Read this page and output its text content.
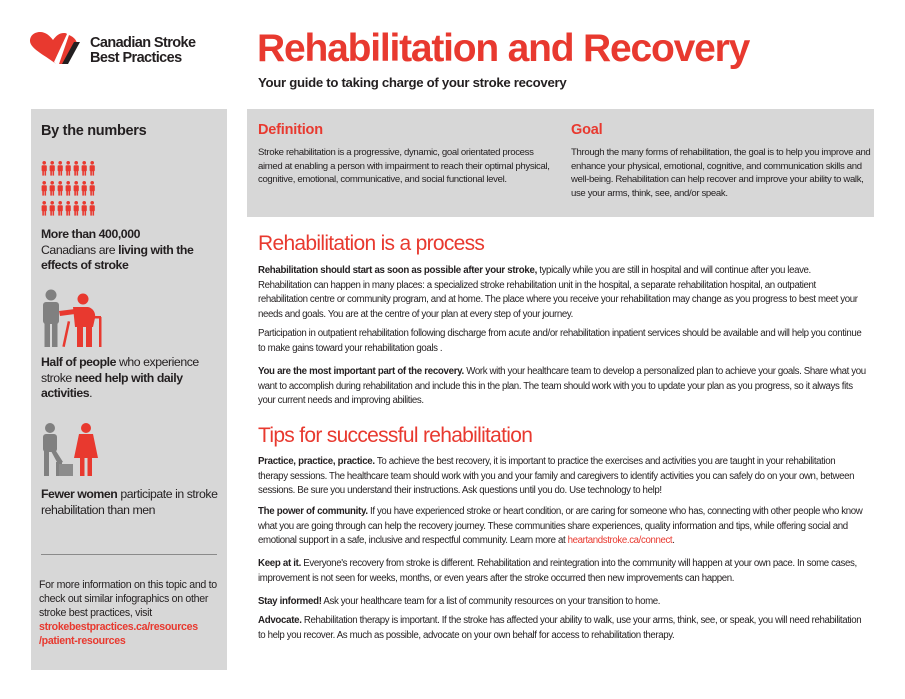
Canadian Stroke
Best Practices Rehabilitation and Recovery
Your guide to taking charge of your stroke recovery
By the numbers
More than 400,000
Canadians are living with the effects of stroke
Half of people who experience stroke need help with daily activities.
Fewer women participate in stroke rehabilitation than men
For more information on this topic and to check out similar infographics on other stroke best practices, visit
strokebestpractices.ca/resources
/patient-resources
Definition
Stroke rehabilitation is a progressive, dynamic, goal orientated process aimed at enabling a person with impairment to reach their optimal physical, cognitive, emotional, communicative, and social functional level.
Goal
Through the many forms of rehabilitation, the goal is to help you improve and enhance your physical, emotional, cognitive, and communication skills and well-being. Rehabilitation can help recover and improve your ability to walk, use your arms, think, see, and/or speak.
Rehabilitation is a process
Rehabilitation should start as soon as possible after your stroke, typically while you are still in hospital and will continue after you leave. Rehabilitation can happen in many places: a specialized stroke rehabilitation unit in the hospital, a separate rehabilitation hospital, an outpatient rehabilitation centre or community program, and at home. The place where you receive your rehabilitation may change as you progress to best meet your needs and goals. You are at the centre of your plan at every step of your journey.
Participation in outpatient rehabilitation following discharge from acute and/or rehabilitation inpatient services should be available and will help you continue to make gains toward your rehabilitation goals .
You are the most important part of the recovery. Work with your healthcare team to develop a personalized plan to achieve your goals. Share what you want to accomplish during rehabilitation and include this in the plan. The team should work with you to update your plan as you progress, so it always fits your current needs and improving abilities.
Tips for successful rehabilitation
Practice, practice, practice. To achieve the best recovery, it is important to practice the exercises and activities you are taught in your rehabilitation therapy sessions. The healthcare team should work with you and your family and caregivers to identify activities you can safely do on your own, between sessions. Be sure you understand their instructions. Ask questions until you do. Use technology to help!
The power of community. If you have experienced stroke or heart condition, or are caring for someone who has, connecting with other people who know what you are going through can help the recovery journey. These communities share experiences, quality information and tips, while offering social and emotional support in a safe, inclusive and respectful community. Learn more at heartandstroke.ca/connect.
Keep at it. Everyone's recovery from stroke is different. Rehabilitation and reintegration into the community will happen at your own pace. In some cases, improvement is not seen for weeks, months, or even years after the stroke occurred then new improvements can happen.
Stay informed! Ask your healthcare team for a list of community resources on your transition to home.
Advocate. Rehabilitation therapy is important. If the stroke has affected your ability to walk, use your arms, think, see, or speak, you will need rehabilitation to help you recover. As much as possible, advocate on your own behalf for access to rehabilitation therapy.
